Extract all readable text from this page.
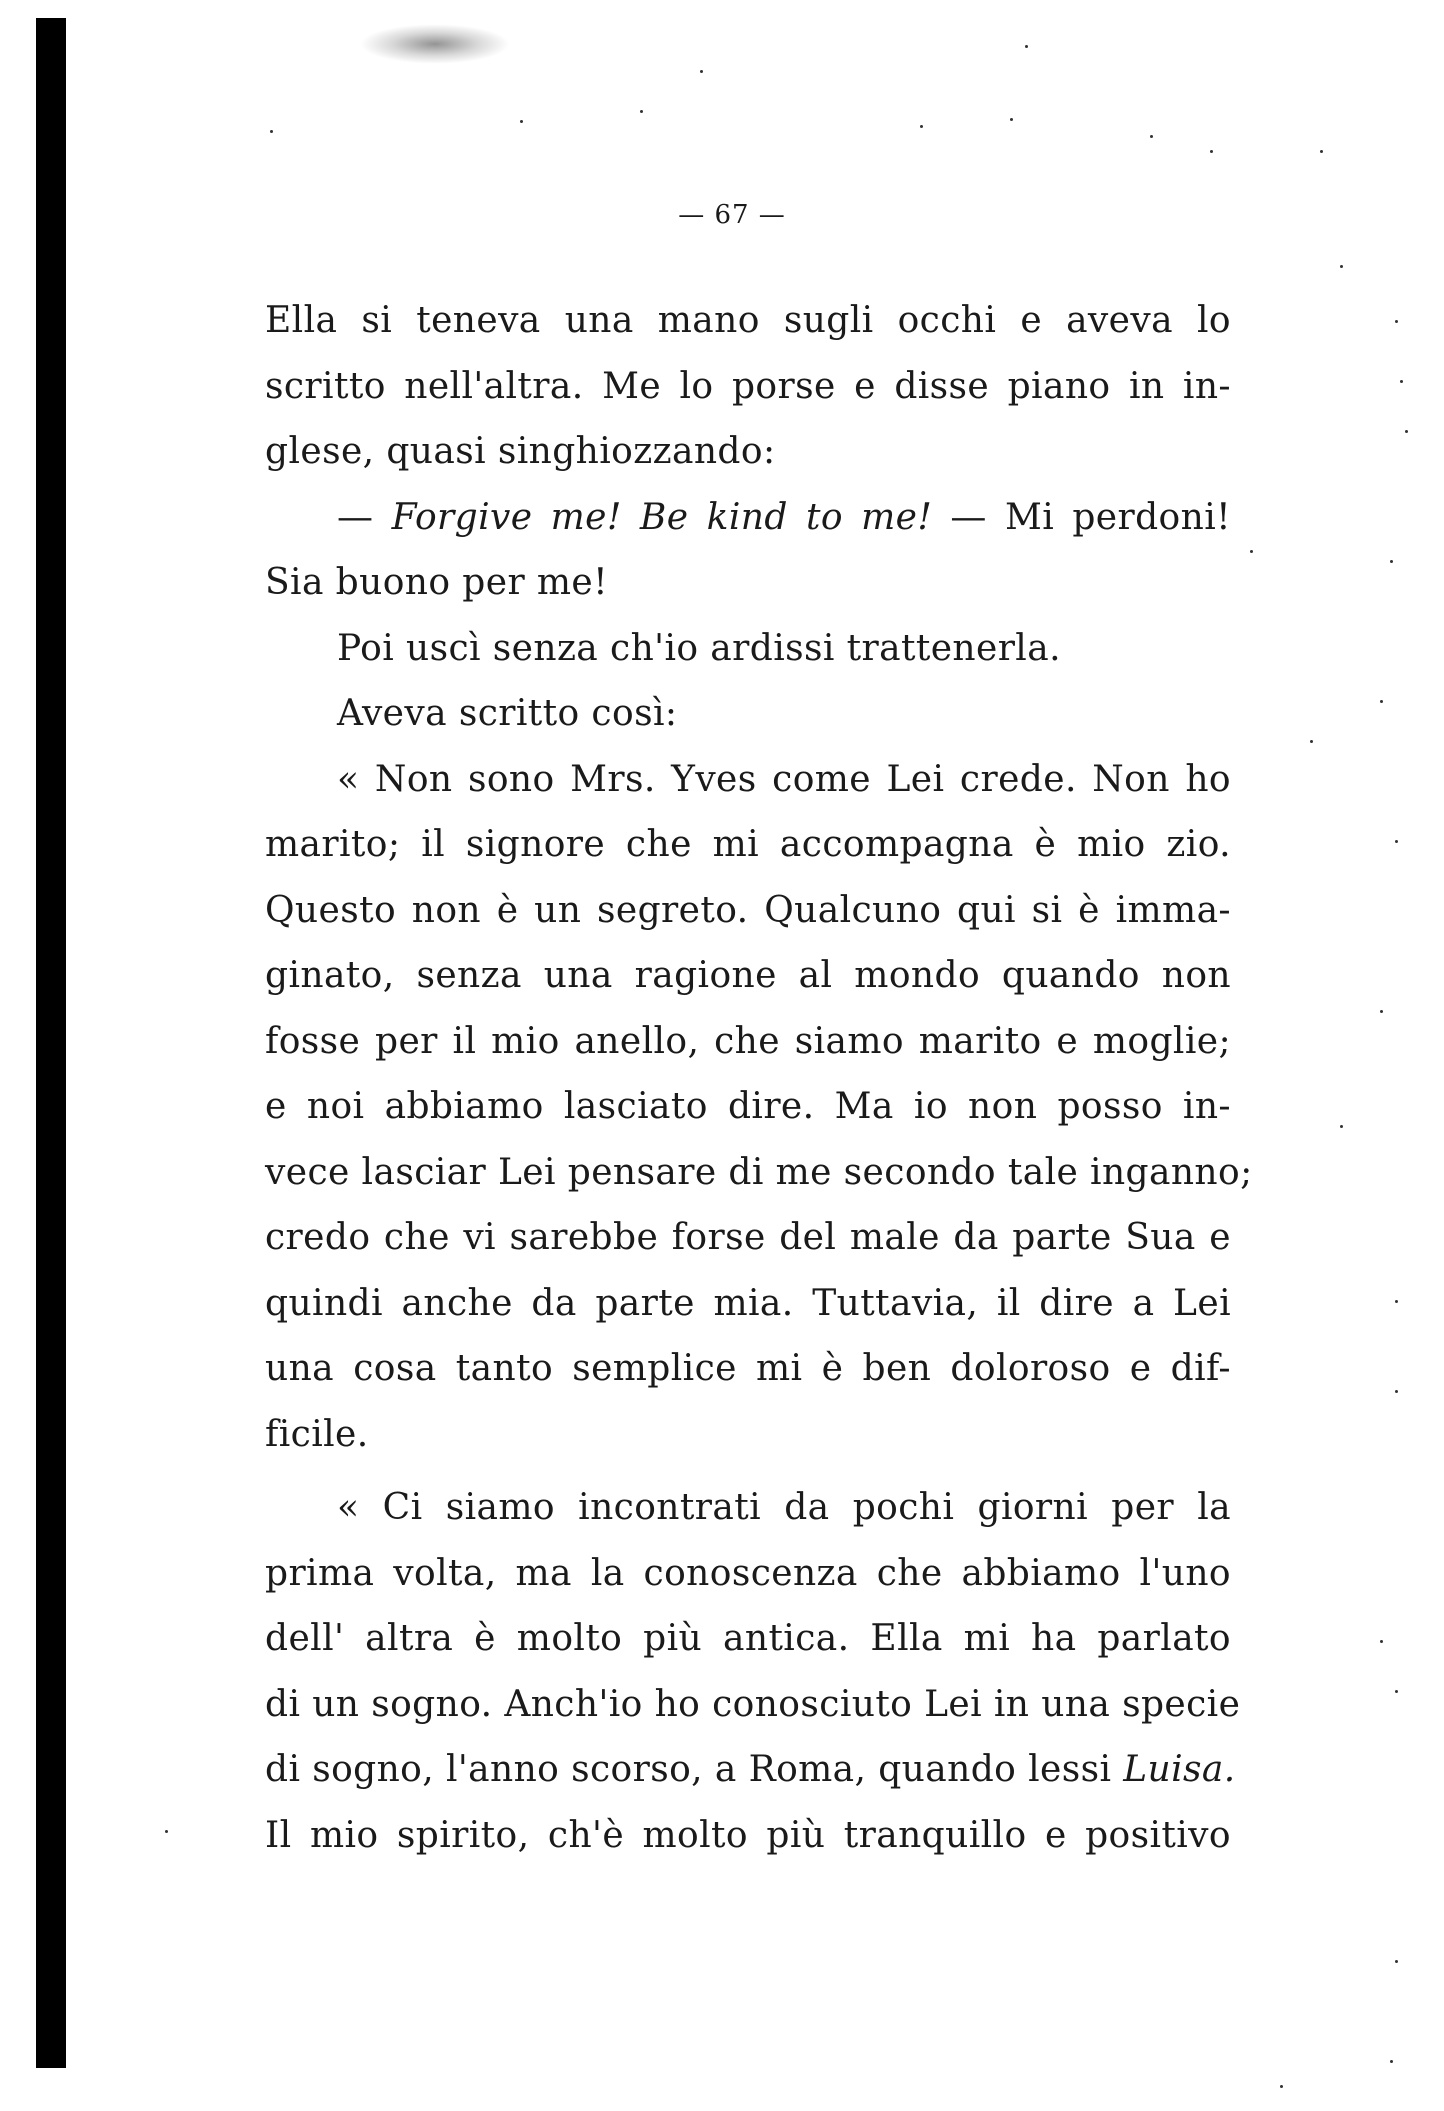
— 67 —
Ella si teneva una mano sugli occhi e aveva lo
scritto nell'altra. Me lo porse e disse piano in in-
glese, quasi singhiozzando:
— Forgive me! Be kind to me! — Mi perdoni!
Sia buono per me!
Poi uscì senza ch'io ardissi trattenerla.
Aveva scritto così:
« Non sono Mrs. Yves come Lei crede. Non ho
marito; il signore che mi accompagna è mio zio.
Questo non è un segreto. Qualcuno qui si è imma-
ginato, senza una ragione al mondo quando non
fosse per il mio anello, che siamo marito e moglie;
e noi abbiamo lasciato dire. Ma io non posso in-
vece lasciar Lei pensare di me secondo tale inganno;
credo che vi sarebbe forse del male da parte Sua e
quindi anche da parte mia. Tuttavia, il dire a Lei
una cosa tanto semplice mi è ben doloroso e dif-
ficile.
« Ci siamo incontrati da pochi giorni per la
prima volta, ma la conoscenza che abbiamo l'uno
dell' altra è molto più antica. Ella mi ha parlato
di un sogno. Anch'io ho conosciuto Lei in una specie
di sogno, l'anno scorso, a Roma, quando lessi Luisa.
Il mio spirito, ch'è molto più tranquillo e positivo
